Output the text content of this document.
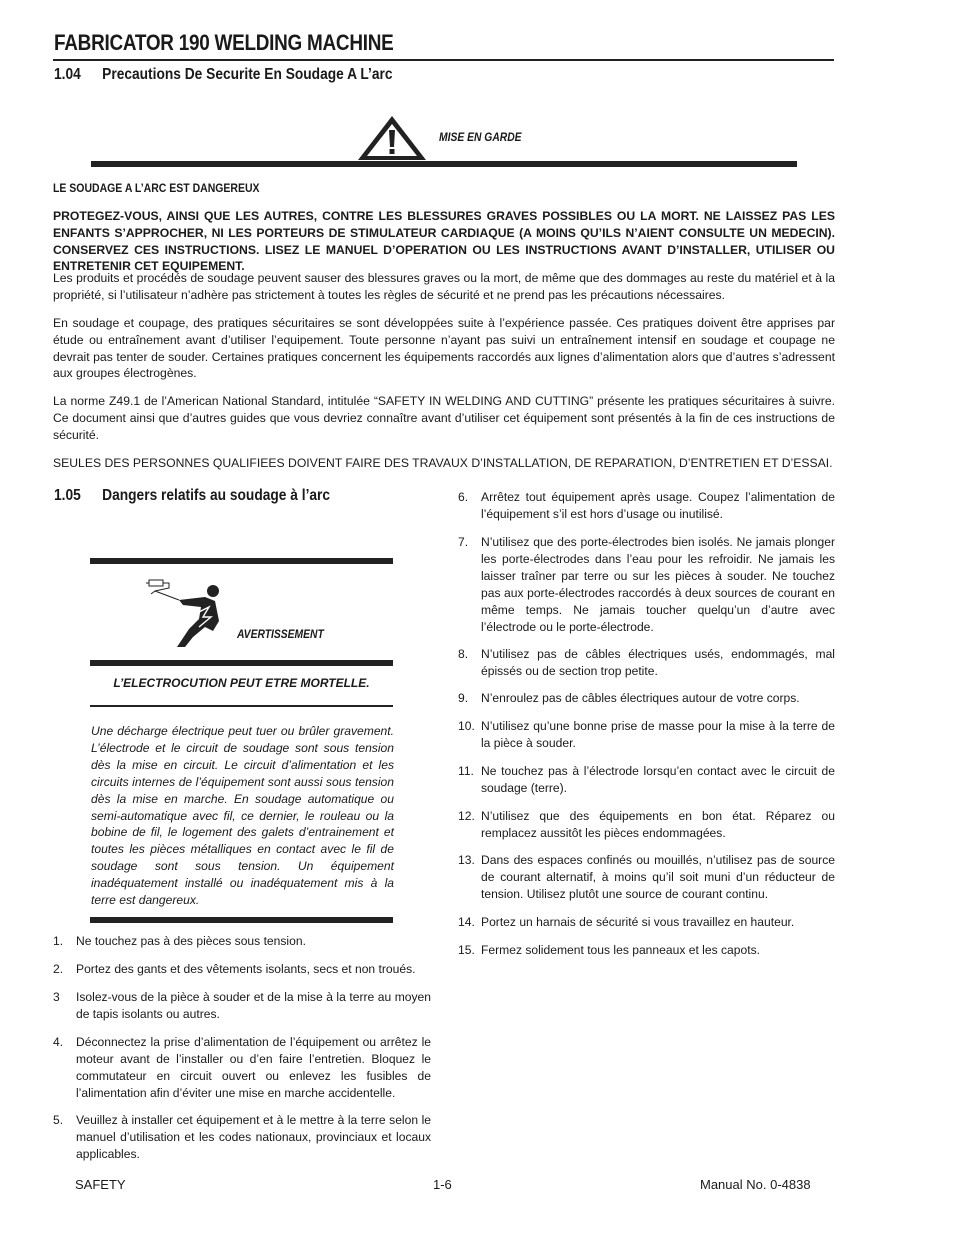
FABRICATOR 190 WELDING MACHINE
1.04 Precautions De Securite En Soudage A L’arc
MISE EN GARDE
LE SOUDAGE A L’ARC EST DANGEREUX
PROTEGEZ-VOUS, AINSI QUE LES AUTRES, CONTRE LES BLESSURES GRAVES POSSIBLES OU LA MORT. NE LAISSEZ PAS LES ENFANTS S’APPROCHER, NI LES PORTEURS DE STIMULATEUR CARDIAQUE (A MOINS QU’ILS N’AIENT CONSULTE UN MEDECIN). CONSERVEZ CES INSTRUCTIONS. LISEZ LE MANUEL D’OPERATION OU LES INSTRUCTIONS AVANT D’INSTALLER, UTILISER OU ENTRETENIR CET EQUIPEMENT.
Les produits et procédés de soudage peuvent sauser des blessures graves ou la mort, de même que des dommages au reste du matériel et à la propriété, si l’utilisateur n’adhère pas strictement à toutes les règles de sécurité et ne prend pas les précautions nécessaires.
En soudage et coupage, des pratiques sécuritaires se sont développées suite à l’expérience passée. Ces pratiques doivent être apprises par étude ou entraînement avant d’utiliser l’equipement. Toute personne n’ayant pas suivi un entraînement intensif en soudage et coupage ne devrait pas tenter de souder. Certaines pratiques concernent les équipements raccordés aux lignes d’alimentation alors que d’autres s’adressent aux groupes électrogènes.
La norme Z49.1 de l’American National Standard, intitulée “SAFETY IN WELDING AND CUTTING” présente les pratiques sécuritaires à suivre. Ce document ainsi que d’autres guides que vous devriez connaître avant d’utiliser cet équipement sont présentés à la fin de ces instructions de sécurité.
SEULES DES PERSONNES QUALIFIEES DOIVENT FAIRE DES TRAVAUX D’INSTALLATION, DE REPARATION, D’ENTRETIEN ET D’ESSAI.
1.05 Dangers relatifs au soudage à l’arc
AVERTISSEMENT
L’ELECTROCUTION PEUT ETRE MORTELLE.
Une décharge électrique peut tuer ou brûler gravement. L’électrode et le circuit de soudage sont sous tension dès la mise en circuit. Le circuit d’alimentation et les circuits internes de l’équipement sont aussi sous tension dès la mise en marche. En soudage automatique ou semi-automatique avec fil, ce dernier, le rouleau ou la bobine de fil, le logement des galets d’entrainement et toutes les pièces métalliques en contact avec le fil de soudage sont sous tension. Un équipement inadéquatement installé ou inadéquatement mis à la terre est dangereux.
1. Ne touchez pas à des pièces sous tension.
2. Portez des gants et des vêtements isolants, secs et non troués.
3 Isolez-vous de la pièce à souder et de la mise à la terre au moyen de tapis isolants ou autres.
4. Déconnectez la prise d’alimentation de l’équipement ou arrêtez le moteur avant de l’installer ou d’en faire l’entretien. Bloquez le commutateur en circuit ouvert ou enlevez les fusibles de l’alimentation afin d’éviter une mise en marche accidentelle.
5. Veuillez à installer cet équipement et à le mettre à la terre selon le manuel d’utilisation et les codes nationaux, provinciaux et locaux applicables.
6. Arrêtez tout équipement après usage. Coupez l’alimentation de l’équipement s’il est hors d’usage ou inutilisé.
7. N’utilisez que des porte-électrodes bien isolés. Ne jamais plonger les porte-électrodes dans l’eau pour les refroidir. Ne jamais les laisser traîner par terre ou sur les pièces à souder. Ne touchez pas aux porte-électrodes raccordés à deux sources de courant en même temps. Ne jamais toucher quelqu’un d’autre avec l’électrode ou le porte-électrode.
8. N’utilisez pas de câbles électriques usés, endommagés, mal épissés ou de section trop petite.
9. N’enroulez pas de câbles électriques autour de votre corps.
10. N’utilisez qu’une bonne prise de masse pour la mise à la terre de la pièce à souder.
11. Ne touchez pas à l’électrode lorsqu’en contact avec le circuit de soudage (terre).
12. N’utilisez que des équipements en bon état. Réparez ou remplacez aussitôt les pièces endommagées.
13. Dans des espaces confinés ou mouillés, n’utilisez pas de source de courant alternatif, à moins qu’il soit muni d’un réducteur de tension. Utilisez plutôt une source de courant continu.
14. Portez un harnais de sécurité si vous travaillez en hauteur.
15. Fermez solidement tous les panneaux et les capots.
SAFETY	1-6	Manual No. 0-4838
